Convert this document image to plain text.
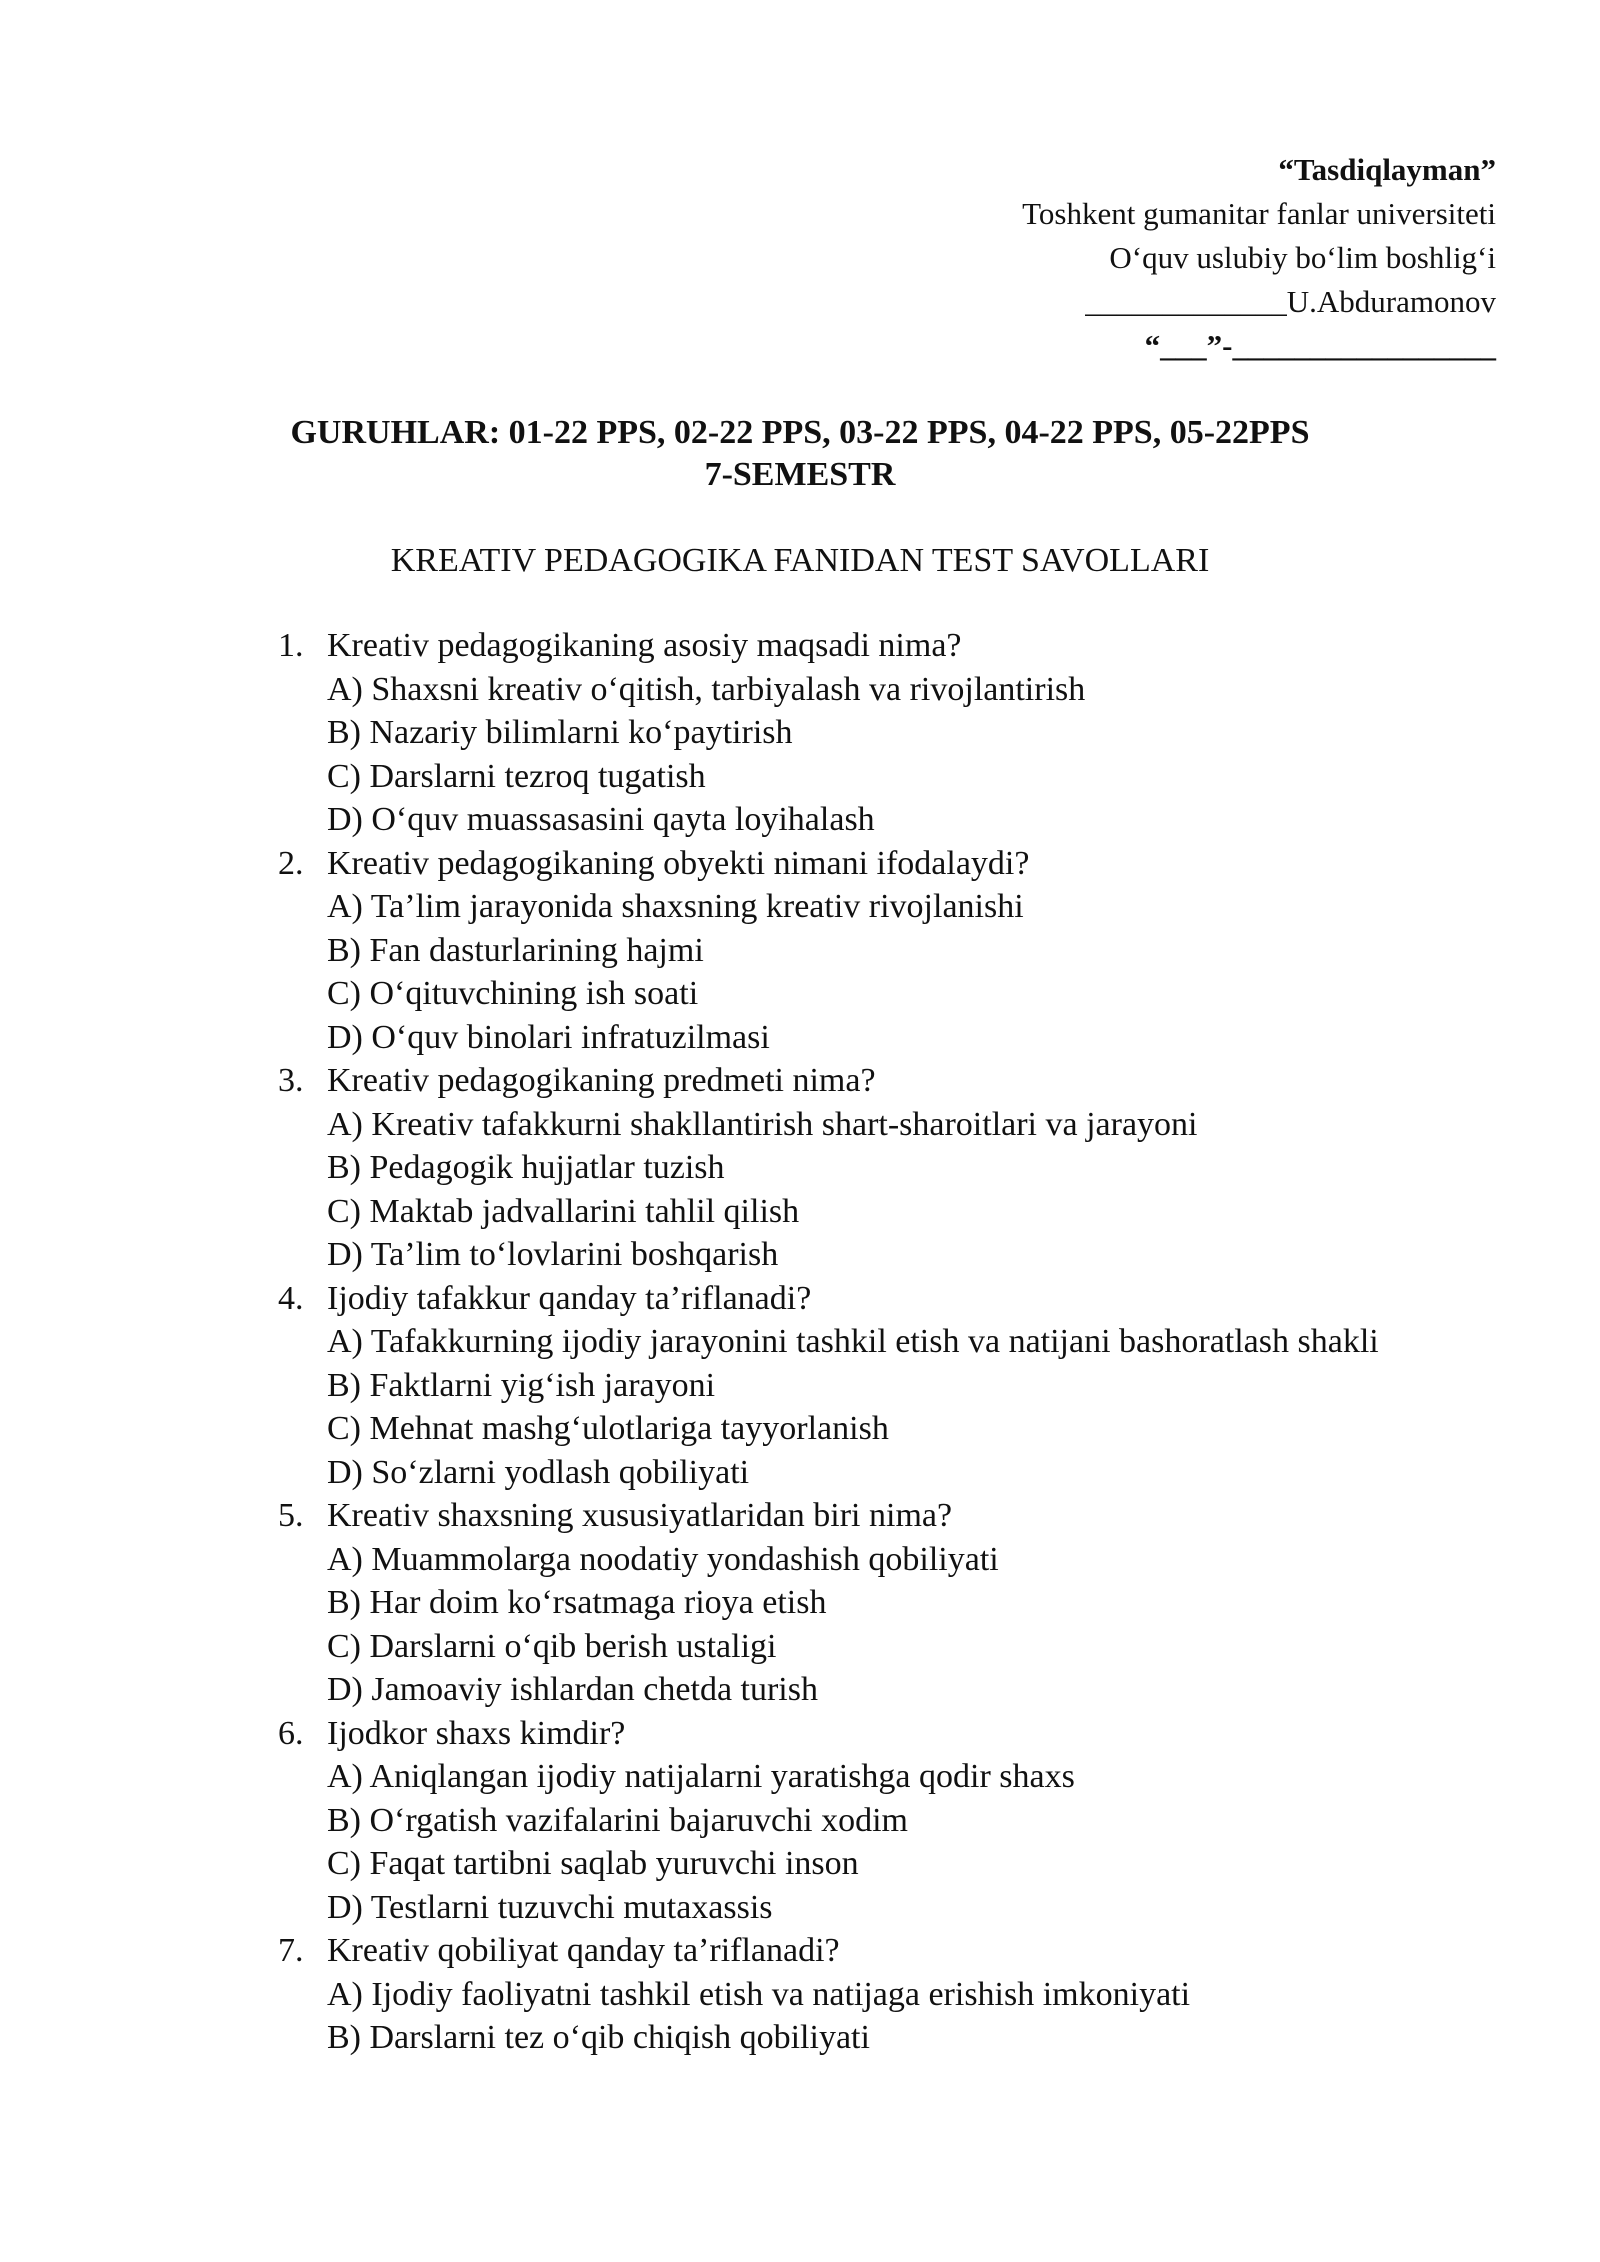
“Tasdiqlayman”
Toshkent gumanitar fanlar universiteti
O‘quv uslubiy bo‘lim boshlig‘i
_____________U.Abduramonov
“___”-_________________
GURUHLAR: 01-22 PPS, 02-22 PPS, 03-22 PPS, 04-22 PPS, 05-22PPS
7-SEMESTR
KREATIV PEDAGOGIKA FANIDAN TEST SAVOLLARI
1. Kreativ pedagogikaning asosiy maqsadi nima?
A) Shaxsni kreativ o‘qitish, tarbiyalash va rivojlantirish
B) Nazariy bilimlarni ko‘paytirish
C) Darslarni tezroq tugatish
D) O‘quv muassasasini qayta loyihalash
2. Kreativ pedagogikaning obyekti nimani ifodalaydi?
A) Ta’lim jarayonida shaxsning kreativ rivojlanishi
B) Fan dasturlarining hajmi
C) O‘qituvchining ish soati
D) O‘quv binolari infratuzilmasi
3. Kreativ pedagogikaning predmeti nima?
A) Kreativ tafakkurni shakllantirish shart-sharoitlari va jarayoni
B) Pedagogik hujjatlar tuzish
C) Maktab jadvallarini tahlil qilish
D) Ta’lim to‘lovlarini boshqarish
4. Ijodiy tafakkur qanday ta’riflanadi?
A) Tafakkurning ijodiy jarayonini tashkil etish va natijani bashoratlash shakli
B) Faktlarni yig‘ish jarayoni
C) Mehnat mashg‘ulotlariga tayyorlanish
D) So‘zlarni yodlash qobiliyati
5. Kreativ shaxsning xususiyatlaridan biri nima?
A) Muammolarga noodatiy yondashish qobiliyati
B) Har doim ko‘rsatmaga rioya etish
C) Darslarni o‘qib berish ustaligi
D) Jamoaviy ishlardan chetda turish
6. Ijodkor shaxs kimdir?
A) Aniqlangan ijodiy natijalarni yaratishga qodir shaxs
B) O‘rgatish vazifalarini bajaruvchi xodim
C) Faqat tartibni saqlab yuruvchi inson
D) Testlarni tuzuvchi mutaxassis
7. Kreativ qobiliyat qanday ta’riflanadi?
A) Ijodiy faoliyatni tashkil etish va natijaga erishish imkoniyati
B) Darslarni tez o‘qib chiqish qobiliyati
